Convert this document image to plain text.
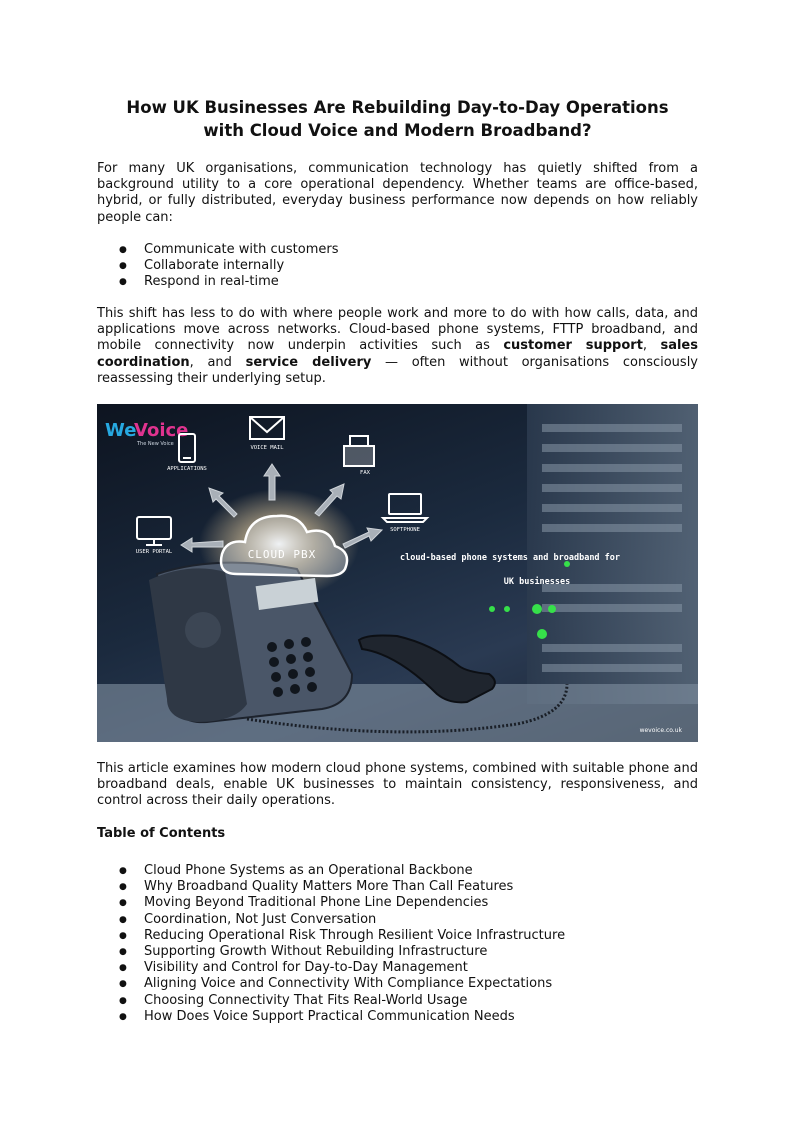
How UK Businesses Are Rebuilding Day-to-Day Operations
with Cloud Voice and Modern Broadband?

For many UK organisations, communication technology has quietly shifted from a background utility to a core operational dependency. Whether teams are office-based, hybrid, or fully distributed, everyday business performance now depends on how reliably people can:

● Communicate with customers
● Collaborate internally
● Respond in real-time

This shift has less to do with where people work and more to do with how calls, data, and applications move across networks. Cloud-based phone systems, FTTP broadband, and mobile connectivity now underpin activities such as customer support, sales coordination, and service delivery — often without organisations consciously reassessing their underlying setup.

We
Voice
The New Voice
CLOUD PBX
USER PORTAL
APPLICATIONS
VOICE MAIL
FAX
SOFTPHONE
cloud-based phone systems and broadband for
UK businesses
wevoice.co.uk

This article examines how modern cloud phone systems, combined with suitable phone and broadband deals, enable UK businesses to maintain consistency, responsiveness, and control across their daily operations.

Table of Contents

● Cloud Phone Systems as an Operational Backbone
● Why Broadband Quality Matters More Than Call Features
● Moving Beyond Traditional Phone Line Dependencies
● Coordination, Not Just Conversation
● Reducing Operational Risk Through Resilient Voice Infrastructure
● Supporting Growth Without Rebuilding Infrastructure
● Visibility and Control for Day-to-Day Management
● Aligning Voice and Connectivity With Compliance Expectations
● Choosing Connectivity That Fits Real-World Usage
● How Does Voice Support Practical Communication Needs
